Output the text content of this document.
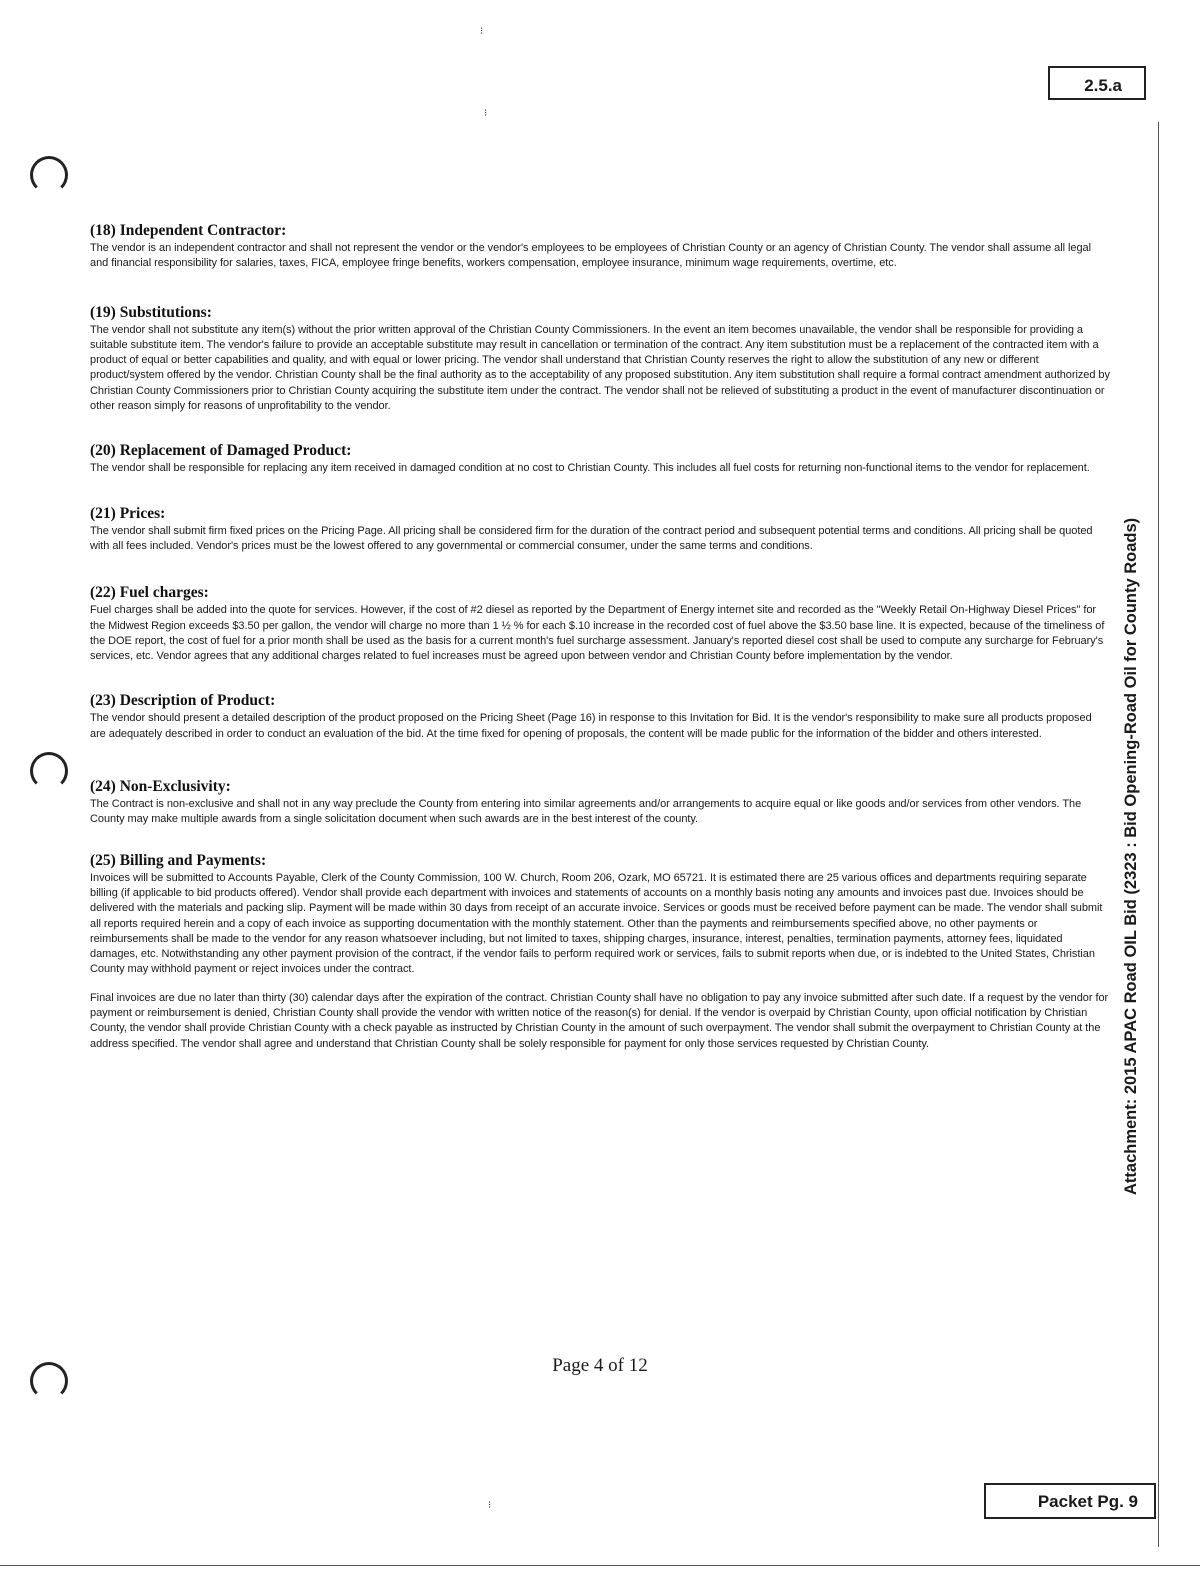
2.5.a
⁝
⁝
⁝
Attachment: 2015 APAC Road OIL Bid (2323 : Bid Opening-Road Oil for County Roads)
(18) Independent Contractor:

The vendor is an independent contractor and shall not represent the vendor or the vendor's employees to be employees of Christian County or an agency of Christian County. The vendor shall assume all legal and financial responsibility for salaries, taxes, FICA, employee fringe benefits, workers compensation, employee insurance, minimum wage requirements, overtime, etc.

(19) Substitutions:

The vendor shall not substitute any item(s) without the prior written approval of the Christian County Commissioners. In the event an item becomes unavailable, the vendor shall be responsible for providing a suitable substitute item. The vendor's failure to provide an acceptable substitute may result in cancellation or termination of the contract. Any item substitution must be a replacement of the contracted item with a product of equal or better capabilities and quality, and with equal or lower pricing. The vendor shall understand that Christian County reserves the right to allow the substitution of any new or different product/system offered by the vendor. Christian County shall be the final authority as to the acceptability of any proposed substitution. Any item substitution shall require a formal contract amendment authorized by Christian County Commissioners prior to Christian County acquiring the substitute item under the contract. The vendor shall not be relieved of substituting a product in the event of manufacturer discontinuation or other reason simply for reasons of unprofitability to the vendor.

(20) Replacement of Damaged Product:

The vendor shall be responsible for replacing any item received in damaged condition at no cost to Christian County. This includes all fuel costs for returning non-functional items to the vendor for replacement.

(21) Prices:

The vendor shall submit firm fixed prices on the Pricing Page. All pricing shall be considered firm for the duration of the contract period and subsequent potential terms and conditions. All pricing shall be quoted with all fees included. Vendor's prices must be the lowest offered to any governmental or commercial consumer, under the same terms and conditions.

(22) Fuel charges:

Fuel charges shall be added into the quote for services. However, if the cost of #2 diesel as reported by the Department of Energy internet site and recorded as the "Weekly Retail On-Highway Diesel Prices" for the Midwest Region exceeds $3.50 per gallon, the vendor will charge no more than 1 ½ % for each $.10 increase in the recorded cost of fuel above the $3.50 base line. It is expected, because of the timeliness of the DOE report, the cost of fuel for a prior month shall be used as the basis for a current month's fuel surcharge assessment. January's reported diesel cost shall be used to compute any surcharge for February's services, etc. Vendor agrees that any additional charges related to fuel increases must be agreed upon between vendor and Christian County before implementation by the vendor.

(23) Description of Product:

The vendor should present a detailed description of the product proposed on the Pricing Sheet (Page 16) in response to this Invitation for Bid. It is the vendor's responsibility to make sure all products proposed are adequately described in order to conduct an evaluation of the bid. At the time fixed for opening of proposals, the content will be made public for the information of the bidder and others interested.

(24) Non-Exclusivity:

The Contract is non-exclusive and shall not in any way preclude the County from entering into similar agreements and/or arrangements to acquire equal or like goods and/or services from other vendors. The County may make multiple awards from a single solicitation document when such awards are in the best interest of the county.

(25) Billing and Payments:

Invoices will be submitted to Accounts Payable, Clerk of the County Commission, 100 W. Church, Room 206, Ozark, MO 65721. It is estimated there are 25 various offices and departments requiring separate billing (if applicable to bid products offered). Vendor shall provide each department with invoices and statements of accounts on a monthly basis noting any amounts and invoices past due. Invoices should be delivered with the materials and packing slip. Payment will be made within 30 days from receipt of an accurate invoice. Services or goods must be received before payment can be made. The vendor shall submit all reports required herein and a copy of each invoice as supporting documentation with the monthly statement. Other than the payments and reimbursements specified above, no other payments or reimbursements shall be made to the vendor for any reason whatsoever including, but not limited to taxes, shipping charges, insurance, interest, penalties, termination payments, attorney fees, liquidated damages, etc. Notwithstanding any other payment provision of the contract, if the vendor fails to perform required work or services, fails to submit reports when due, or is indebted to the United States, Christian County may withhold payment or reject invoices under the contract.

Final invoices are due no later than thirty (30) calendar days after the expiration of the contract. Christian County shall have no obligation to pay any invoice submitted after such date. If a request by the vendor for payment or reimbursement is denied, Christian County shall provide the vendor with written notice of the reason(s) for denial. If the vendor is overpaid by Christian County, upon official notification by Christian County, the vendor shall provide Christian County with a check payable as instructed by Christian County in the amount of such overpayment. The vendor shall submit the overpayment to Christian County at the address specified. The vendor shall agree and understand that Christian County shall be solely responsible for payment for only those services requested by Christian County.

Page 4 of 12
Packet Pg. 9
